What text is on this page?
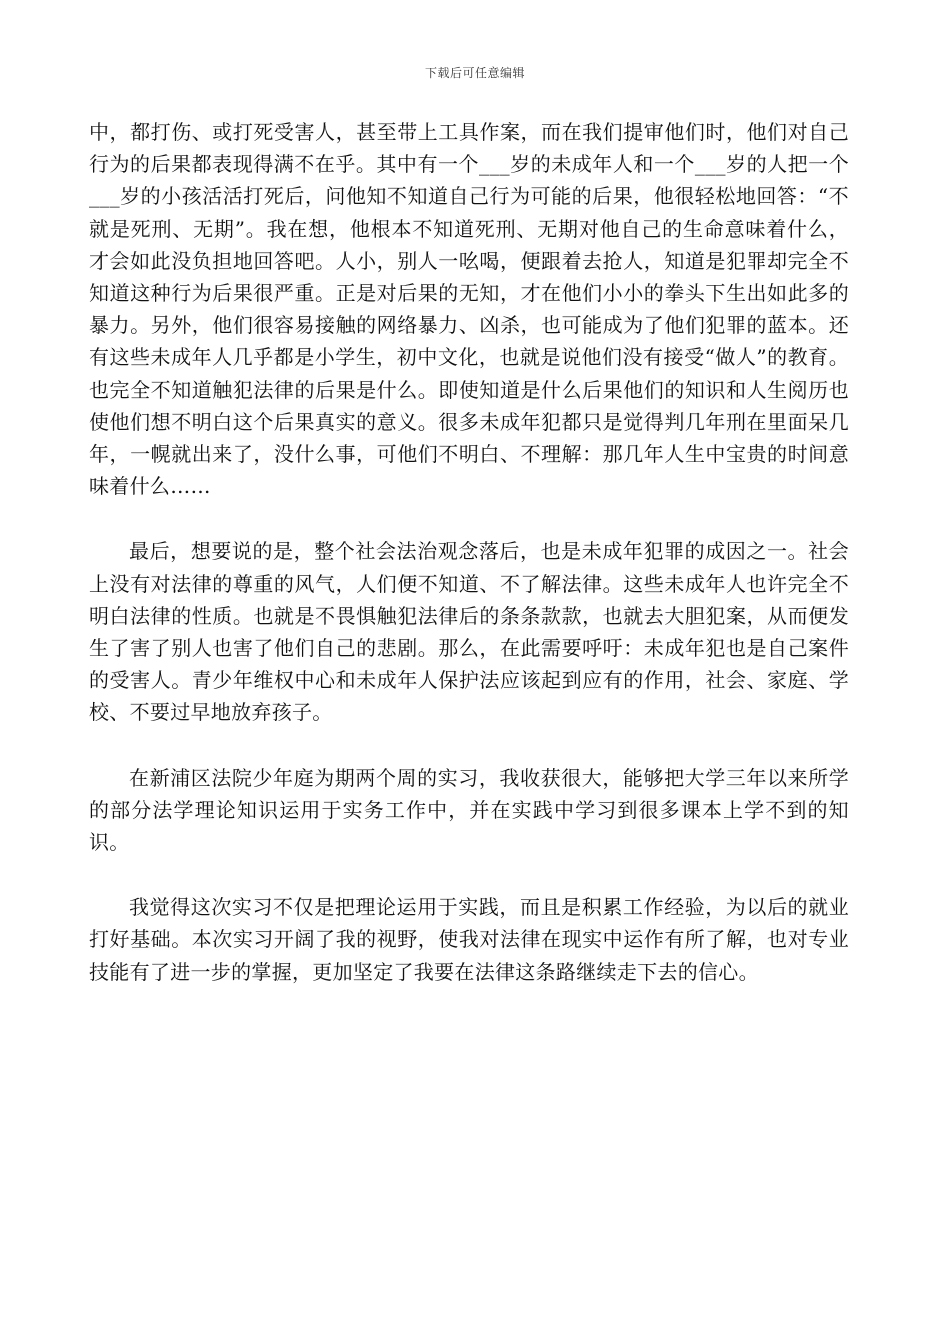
下载后可任意编辑

中，都打伤、或打死受害人，甚至带上工具作案，而在我们提审他们时，他们对自己行为的后果都表现得满不在乎。其中有一个___岁的未成年人和一个___岁的人把一个___岁的小孩活活打死后，问他知不知道自己行为可能的后果，他很轻松地回答：“不就是死刑、无期”。我在想，他根本不知道死刑、无期对他自己的生命意味着什么，才会如此没负担地回答吧。人小，别人一吆喝，便跟着去抢人，知道是犯罪却完全不知道这种行为后果很严重。正是对后果的无知，才在他们小小的拳头下生出如此多的暴力。另外，他们很容易接触的网络暴力、凶杀，也可能成为了他们犯罪的蓝本。还有这些未成年人几乎都是小学生，初中文化，也就是说他们没有接受“做人”的教育。也完全不知道触犯法律的后果是什么。即使知道是什么后果他们的知识和人生阅历也使他们想不明白这个后果真实的意义。很多未成年犯都只是觉得判几年刑在里面呆几年，一幌就出来了，没什么事，可他们不明白、不理解：那几年人生中宝贵的时间意味着什么……

最后，想要说的是，整个社会法治观念落后，也是未成年犯罪的成因之一。社会上没有对法律的尊重的风气，人们便不知道、不了解法律。这些未成年人也许完全不明白法律的性质。也就是不畏惧触犯法律后的条条款款，也就去大胆犯案，从而便发生了害了别人也害了他们自己的悲剧。那么，在此需要呼吁：未成年犯也是自己案件的受害人。青少年维权中心和未成年人保护法应该起到应有的作用，社会、家庭、学校、不要过早地放弃孩子。

在新浦区法院少年庭为期两个周的实习，我收获很大，能够把大学三年以来所学的部分法学理论知识运用于实务工作中，并在实践中学习到很多课本上学不到的知识。

我觉得这次实习不仅是把理论运用于实践，而且是积累工作经验，为以后的就业打好基础。本次实习开阔了我的视野，使我对法律在现实中运作有所了解，也对专业技能有了进一步的掌握，更加坚定了我要在法律这条路继续走下去的信心。
